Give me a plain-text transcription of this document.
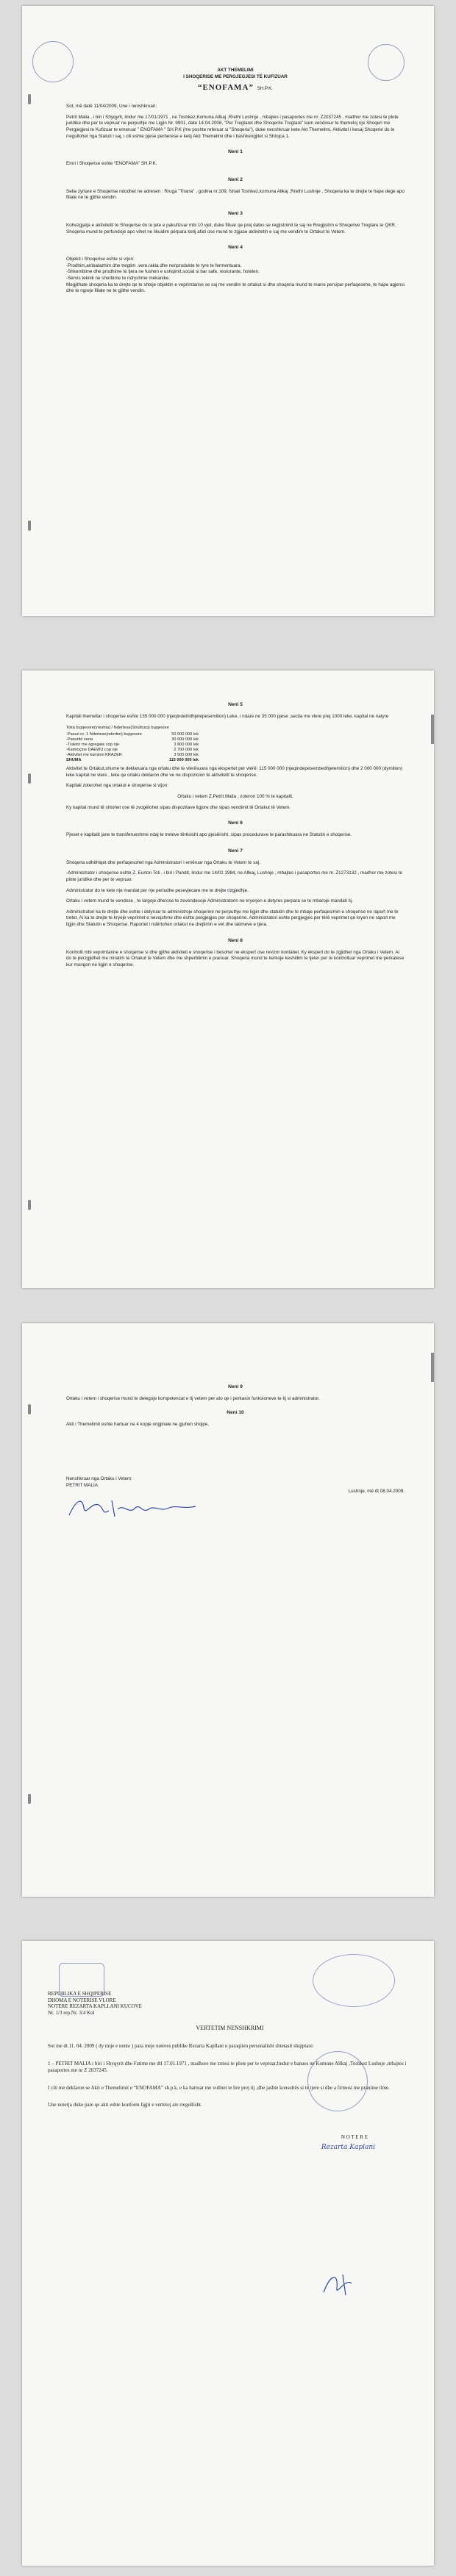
AKT THEMELIMI

I SHOQERISE ME PERGJEGJESI TË KUFIZUAR

“ENOFAMA” SH.P.K.

Sot, më datë 11/04/2009, Une i nenshkruari:

Petrit Malia , i biri i Shyqyrit, lindur me 17/01/1971 , ne Toshkez,Komuna Allkaj ,Rrethi Lushnje , mbajtes i pasaportes me nr. Z2037245 , madhor me zotesi te plote juridike dhe per te vepruar ne perputhje me Ligjin Nr. 9901, date 14.04.2008, "Per Tregtaret dhe Shoqerite Tregtare" kam vendosur te themeloj nje Shoqeri me Pergjegjesi te Kufizuar te emeruar " ENOFAMA " SH.P.K (me poshte referuar si "Shoqeria"), duke nenshkruar kete Akt Themelimi, Aktivitet i kesaj Shoqerie do te rregullohet nga Statuti i saj, i cili eshte pjese perberese e ketij Akti Themelimi dhe i bashkengjitet si Shtojca 1.

Neni 1

Emri i Shoqerise eshte “ENOFAMA” SH.P.K.

Neni 2

Selia zyrtare e Shoqerise ndodhet ne adresen : Rruga "Tirana" , godina nr.109, fshati Toshkez,komuna Allkaj ,Rrethi Lushnje , Shoqeria ka te drejte te hape dege apo filiale ne te gjithe vendin.

Neni 3

Kohezgjatja e aktivitetit te Shoqerise do te jete e pakufizuar mbi 10 vjet, duke filluar qe prej dates se regjistrimit te saj ne Rregjistrin e Shoqerive Tregtare te QKR. Shoqeria mund te perfundoje apo vihet ne likuidim pérpara ketij afati ose mund te zgjase aktivitetin e saj me vendim te Ortakut te Vetem.

Neni 4

Objekti i Shoqerise eshte si vijon:

-Prodhim,ambalazhim dhe tregtim ,vere,rakia dhe nenprodukte te tyre te fermentuara.

-Shkembime dhe prodhime te tjera ne fushen e ushqimit,social si bar safe, restorante, hotelen.

-Servis teknik ne sherbime te ndryshme mekanike.

Megjithate shoqeria ka te drejte qe te shtoje objektin e veprimtarise se saj me vendim te ortakut si dhe shoqeria mund te marre persiper perfaqesime, te hape agjensi dhe te ngreje filiale ne te gjithe vendin.

Neni 5

Kapitali themeltar i shoqerise eshte 135 000 000 (njeqindetridhjetepesemilion) Leke, i ndare ne 35 000 pjese ,secila me vlere prej 1000 leke. kapital ne natyre

Toka bujqesore(vreshta) / Ndertesa(Struktura) bujqesore

-Pasuri nr. 1 Ndertese(ndertim) bujqesore	50 000 000 lek
-Pasuritë vena	30 000 000 lek
-Traktor me agregate cop nje	3 800 000 lek
-Kamioçine DAEWU cop nje	2 700 000 lek
-Aktivitet me kamioni KRAZER	3 500 000 lek
SHUMA	115 000 000 lek

Aktivitet te Ortakut,shume te deklaruara nga ortaku dhe te vlerësuara nga ekspertet per vlerë: 115 000 000 (njeqindepesembedhjetemilion) dhe 2 000 000 (dymilion) leke kapital ne vlere , leke qe ortaku deklaron dhe ve ne dispozicion te aktivitetit te shoqerise.

Kapitali zoterohet nga ortakut e shoqerise si vijon:

Ortaku i vetem Z.Petrit Malia , zoteron 100 % te kapitalit.

Ky kapital mund të shtohet ose të zvogëlohet sipas dispozitave ligjore dhe sipas vendimit të Ortakut të Vetem.

Neni 6

Pjeset e kapitalit jane te transferueshme ndaj te treteve tërësisht apo pjesërisht, sipas procedurave te parashikuara ne Statutin e shoqerise.

Neni 7

Shoqeria udhëhiqet dhe perfaqesohet nga Administratori i emëruar nga Ortaku te Vetem te saj.

-Administrator i shoqerise eshte Z. Eurton Toli , i biri i Pandit, lindur me 14/01 1984, ne Allkaj, Lushnje , mbajtes i pasaportes me nr. Z1273132 , madhor me zotesi te plote juridike dhe per te vepruar.

Administrator do te kete nje mandat per nje periudhe pesevjecare me te drejte rizgjedhje.

Ortaku i vetem mund te vendose , te largoje dhe/ose te zevendesoje Administratorin ne kryerjen e detyres perpara se te mbaroje mandati tij.

Administratori ka te drejte dhe eshte i detyruar te administroje shoqerine ne perputhje me ligjin dhe statutin dhe te mbaje perfaqesimin e shoqerise ne raport me te tretet. Ai ka te drejte te kryeje veprimet e nevojshme dhe eshte pergjegjes per shoqerine. Administratori eshte pergjegjes per tërë veprimet qe kryen ne raport me ligjin dhe Statutin e Shoqerise. Raportet i ndërtohen ortakut ne drejtimin e vet dhe tatimeve e tjera.

Neni 8

Kontrolli mbi veprimtarine e shoqerise si dhe gjithe aktiviteti e shoqerise i besohet ne ekspert ose revizor kontabel. Ky ekspert do te zgjidhet nga Ortaku i Vetem. Ai do te perzgjidhet me miratim te Ortakut te Vetem dhe me shperblimin e pranuar. Shoqeria mund te kerkoje keshillim te tjeter per te kontrolluar veprimet me perkatese kur mungon ne ligjin e shoqerise.

Neni 9

Ortaku i vetem i shoqerise mund te delegoje kompetencat e tij vetem per ato qe i perkasin funksioneve te tij si administrator.

Neni 10

Akti i Themelimit eshte hartuar ne 4 kopje origjinale ne gjuhen shqipe.

Nenshkruar nga Ortaku i Vetem:

PETRIT MALIA
Lushnje, më dt 08.04.2009.

REPUBLIKA E SHQIPERISE

DHOMA E NOTERISE VLORE

NOTERE REZARTA KAPLLANI KUCOVE

Nr. 1/3 rep.Nr. 3/4 Kol

VERTETIM NENSHKRIMI

Sot me dt.11. 04. 2009 ( dy mije e nente ) para meje noteres publike Rezarta Kapllani u paraqiten personalisht shtetasit shqiptare:

1 – PETRIT MALIA i biri i Shyqyrit dhe Fatime me dtl 17.01.1971 , madhore me zotesi te plote per te vepruar,lindur e banues ne Komune Allkaj ,Toshkez Lushnje ,mbajtes i pasaportes me nr Z 2037245.

I cili me deklaron se Akti e Themelimit e “ENOFAMA” sh.p.k. e ka hartuar me vullnet te lire prej tij ,dhe jashte konsultës si te tjere si dhe a firmosi me praniine time.

Une noterja duke pare qe akti eshte konform ligjit e vertetoj ate rregullisht.

N O T E R E

Rezarta Kaplani
